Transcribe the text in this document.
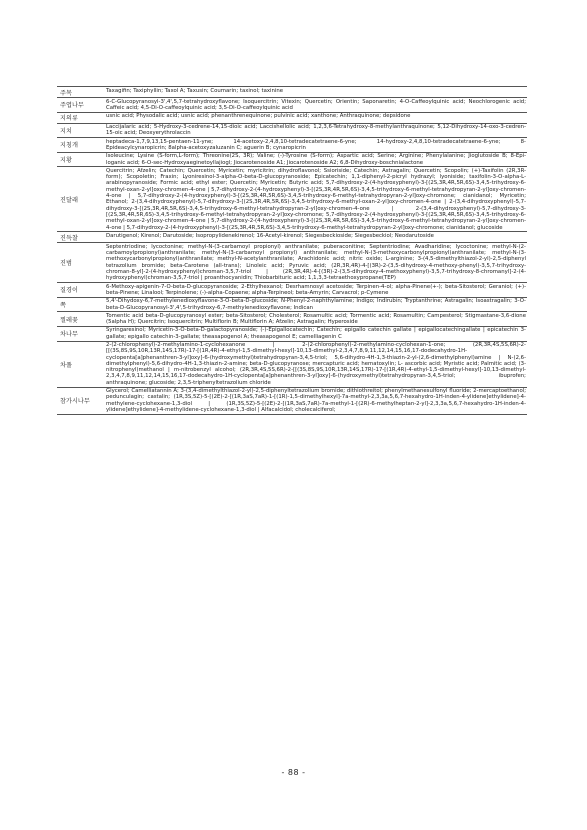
주목	Taxagifin; Taxiphyllin; Taxol A; Taxusin; Coumarin; taxinol; taxinine
주엽나무	6-C-Glucopyranosyl-3',4',5,7-tetrahydroxyflavone; Isoquercitrin; Vitexin; Quercetin; Orientin; Saponaretin; 4-O-Caffeoylquinic acid; Neochlorogenic acid; Caffeic acid; 4,5-Di-O-caffeoylquinic acid; 3,5-Di-O-caffeoylquinic acid
지의류	usnic acid; Physodalic acid; usnic acid; phenanthrenequinone; pulvinic acid; xanthone; Anthraquinone; depsidone
지치	Laccijalaric acid; 5-Hydroxy-3-cedrene-14,15-dioic acid; Laccishellolic acid; 1,2,3,6-Tetrahydroxy-8-methylanthraquinone; 5,12-Dihydroxy-14-oxo-3-cedren-15-oic acid; Deoxyerythrolaccin
지칭개	heptadeca-1,7,9,13,15-pentaen-11-yne; 14-acetoxy-2,4,8,10-tetradecatetraene-6-yne; 14-hydroxy-2,4,8,10-tetradecatetraene-6-yne; 8-Epideacylcynaropicrin; 8alpha-acetoxyzaluzanin C; aguerin B; cynaropicrin
지황	Isoleucine; Lysine (S-form,L-form); Threonine(2S, 3R); Valine; (-)-Tyrosine (S-form); Aspartic acid; Serine; Arginine; Phenylalanine; Jioglutoside B; 8-Epi-loganic acid; 6-O-sec-Hydroxyaeginetoyllajiogl; Jiocarotenoside A1; Jiocarotenoside A2; 6,8-Dihydroxy-boschnialactone
진달래	Quercitrin; Afzelin; Catechin; Quercetin; Myricetin; myricitrin; dihydroflavonol; Ssioriside; Catechin; Astragalin; Quercetin; Scopolin; (+)-Taxifolin (2R,3R-form); Scopoletin; Fraxin; Lyoniresinol-3-alpha-O-beta-D-glucopyranoside; Epicatechin; 1,1-diphenyl-2-picryl hydrazyl; lyoniside; taxifolin-3-O-alpha-L-arabinopyranoside; Formic acid; ethyl ester; Quercetin; Myricetin; Butyric acid; 5,7-dihydroxy-2-(4-hydroxyphenyl)-3-[(2S,3R,4R,5R,6S)-3,4,5-trihydroxy-6-methyl-oxan-2-yl]oxy-chromen-4-one | 5,7-dihydroxy-2-(4-hydroxyphenyl)-3-[(2S,3R,4R,5R,6S)-3,4,5-trihydroxy-6-methyl-tetrahydropyran-2-yl]oxy-chromen-4-one | 5,7-dihydroxy-2-(4-hydroxyphenyl)-3-[(2S,3R,4R,5R,6S)-3,4,5-trihydroxy-6-methyl-tetrahydropyran-2-yl]oxy-chromone; cianidanol; Myricetin; Ethanol; 2-(3,4-dihydroxyphenyl)-5,7-dihydroxy-3-[(2S,3R,4R,5R,6S)-3,4,5-trihydroxy-6-methyl-oxan-2-yl]oxy-chromen-4-one | 2-(3,4-dihydroxyphenyl)-5,7-dihydroxy-3-[(2S,3R,4R,5R,6S)-3,4,5-trihydroxy-6-methyl-tetrahydropyran-2-yl]oxy-chromen-4-one | 2-(3,4-dihydroxyphenyl)-5,7-dihydroxy-3-[(2S,3R,4R,5R,6S)-3,4,5-trihydroxy-6-methyl-tetrahydropyran-2-yl]oxy-chromone; 5,7-dihydroxy-2-(4-hydroxyphenyl)-3-[(2S,3R,4R,5R,6S)-3,4,5-trihydroxy-6-methyl-oxan-2-yl]oxy-chromen-4-one | 5,7-dihydroxy-2-(4-hydroxyphenyl)-3-[(2S,3R,4R,5R,6S)-3,4,5-trihydroxy-6-methyl-tetrahydropyran-2-yl]oxy-chromen-4-one | 5,7-dihydroxy-2-(4-hydroxyphenyl)-3-[(2S,3R,4R,5R,6S)-3,4,5-trihydroxy-6-methyl-tetrahydropyran-2-yl]oxy-chromone; cianidanol; glucoside
진득찰	Darutigenol; Kirenol; Darutoside; Isopropylidenekirenol; 16-Acetyl-kirenol; Siegesbeckioside; Siegesbeckiol; Neodarutoside
진범	Septentriodine; lycoctonine; methyl-N-(3-carbamoyl propionyl) anthranilate; puberaconitine; Septentriodine; Avadharidine; lycoctonine; methyl-N-(2-carbamoylpropionyl)anthranilate; methyl-N-(3-carbamoyl propionyl) anthranilate; methyl-N-(3-methoxycarbonylpropionyl)anthranilate; methyl-N-(3-methoxycarbonylpropionyl)anthranilate; methyl-N-acetylanthranilate; Arachidonic acid; nitric oxide; L-arginine; 3-(4,5-dimethylthiazol-2-yl)-2,5-diphenyl tetrazolium bromide; beta-Carotene (all-trans); Linoleic acid; Pyruvic acid; (2R,3R,4R)-4-[(3R)-2-(3,5-dihydroxy-4-methoxy-phenyl)-3,5,7-trihydroxy-chroman-8-yl]-2-(4-hydroxyphenyl)chroman-3,5,7-triol | (2R,3R,4R)-4-[(3R)-2-(3,5-dihydroxy-4-methoxyphenyl)-3,5,7-trihydroxy-8-chromanyl]-2-(4-hydroxyphenyl)chroman-3,5,7-triol | proanthocyanidin; Thiobarbituric acid; 1,1,3,3-tetraethoxypropane(TEP)
질경이	6-Methoxy-apigenin-7-O-beta-D-glucopyranoside; 2-Ethylhexanol; Desrhamnosyl acetoside; Terpinen-4-ol; alpha-Pinene(+-); beta-Sitosterol; Geraniol; (+)-beta-Pinene; Linalool; Terpinolene; (-)-alpha-Copaene; alpha-Terpineol; beta-Amyrin; Carvacrol; p-Cymene
쪽	5,4'-Dihydoxy-6,7-methylenedioxyflavone-3-O-beta-D-glucoside; N-Phenyl-2-naphthylamine; Indigo; Indirubin; Tryptanthrine; Astragalin; Isoastragalin; 3-O-beta-D-Glucopyranosyl-3',4',5-trihydroxy-6,7-methylenedioxyflavone; Indican
찔레꽃	Tomentic acid beta-D-glucopyranosyl ester; beta-Sitosterol; Cholesterol; Rosamultic acid; Tormentic acid; Rosamultin; Campesterol; Stigmastane-3,6-dione (5alpha H); Quercitrin; Isoquercitrin; Multiflorin B; Multiflorin A; Afzelin; Astragalin; Hyperoside
차나무	Syringaresinol; Myricetin-3-O-beta-D-galactopyranoside; (-)-Epigallocatechin; Catechin; epigallo catechin gallate | epigallocatechingallate | epicatechin 3-gallate; epigallo catechin-3-gallate; theasapogenol A; theasapogenol E; camelliagenin C
차풀	2-(2-chlorophenyl)-2-methylamino-1-cyclohexanone | 2-(2-chlorophenyl)-2-methylamino-cyclohexan-1-one; (2R,3R,4S,5S,6R)-2-[[(3S,8S,9S,10R,13R,14S,17R)-17-[(1R,4R)-4-ethyl-1,5-dimethyl-hexyl]-10,13-dimethyl-2,3,4,7,8,9,11,12,14,15,16,17-dodecahydro-1H-cyclopenta[a]phenanthren-3-yl]oxy]-6-(hydroxymethyl)tetrahydropyran-3,4,5-triol; 5,6-dihydro-4H-1,3-thiazin-2-yl-(2,6-dimethylphenyl)amine | N-(2,6-dimethylphenyl)-5,6-dihydro-4H-1,3-thiazin-2-amine; beta-D-glucopyranose; mercapturic acid; hematoxylin; L- ascorbic acid; Myristic acid; Palmitic acid; (3-nitrophenyl)methanol | m-nitrobenzyl alcohol; (2R,3R,4S,5S,6R)-2-[[(3S,8S,9S,10R,13R,14S,17R)-17-[(1R,4R)-4-ethyl-1,5-dimethyl-hexyl]-10,13-dimethyl-2,3,4,7,8,9,11,12,14,15,16,17-dodecahydro-1H-cyclopenta[a]phenanthren-3-yl]oxy]-6-(hydroxymethyl)tetrahydropyran-3,4,5-triol; ibuprofen; anthraquinone; glucoside; 2,3,5-triphenyltetrazolium chloride
참가시나무	Glycerol; Camelliatannin A; 3-(3,4-dimethylthiazol-2-yl)-2,5-diphenyltetrazolium bromide; dithiothreitol; phenylmethanesulfonyl fluoride; 2-mercaptoethanol; pedunculagin; castalin; (1R,3S,5Z)-5-[(2E)-2-[(1R,3aS,7aR)-1-[(1R)-1,5-dimethylhexyl]-7a-methyl-2,3,3a,5,6,7-hexahydro-1H-inden-4-ylidene]ethylidene]-4-methylene-cyclohexane-1,3-diol | (1R,3S,5Z)-5-[(2E)-2-[(1R,3aS,7aR)-7a-methyl-1-[(2R)-6-methylheptan-2-yl]-2,3,3a,5,6,7-hexahydro-1H-inden-4-ylidene]ethylidene]-4-methylidene-cyclohexane-1,3-diol | Alfacalcidol; cholecalciferol;
- 88 -
